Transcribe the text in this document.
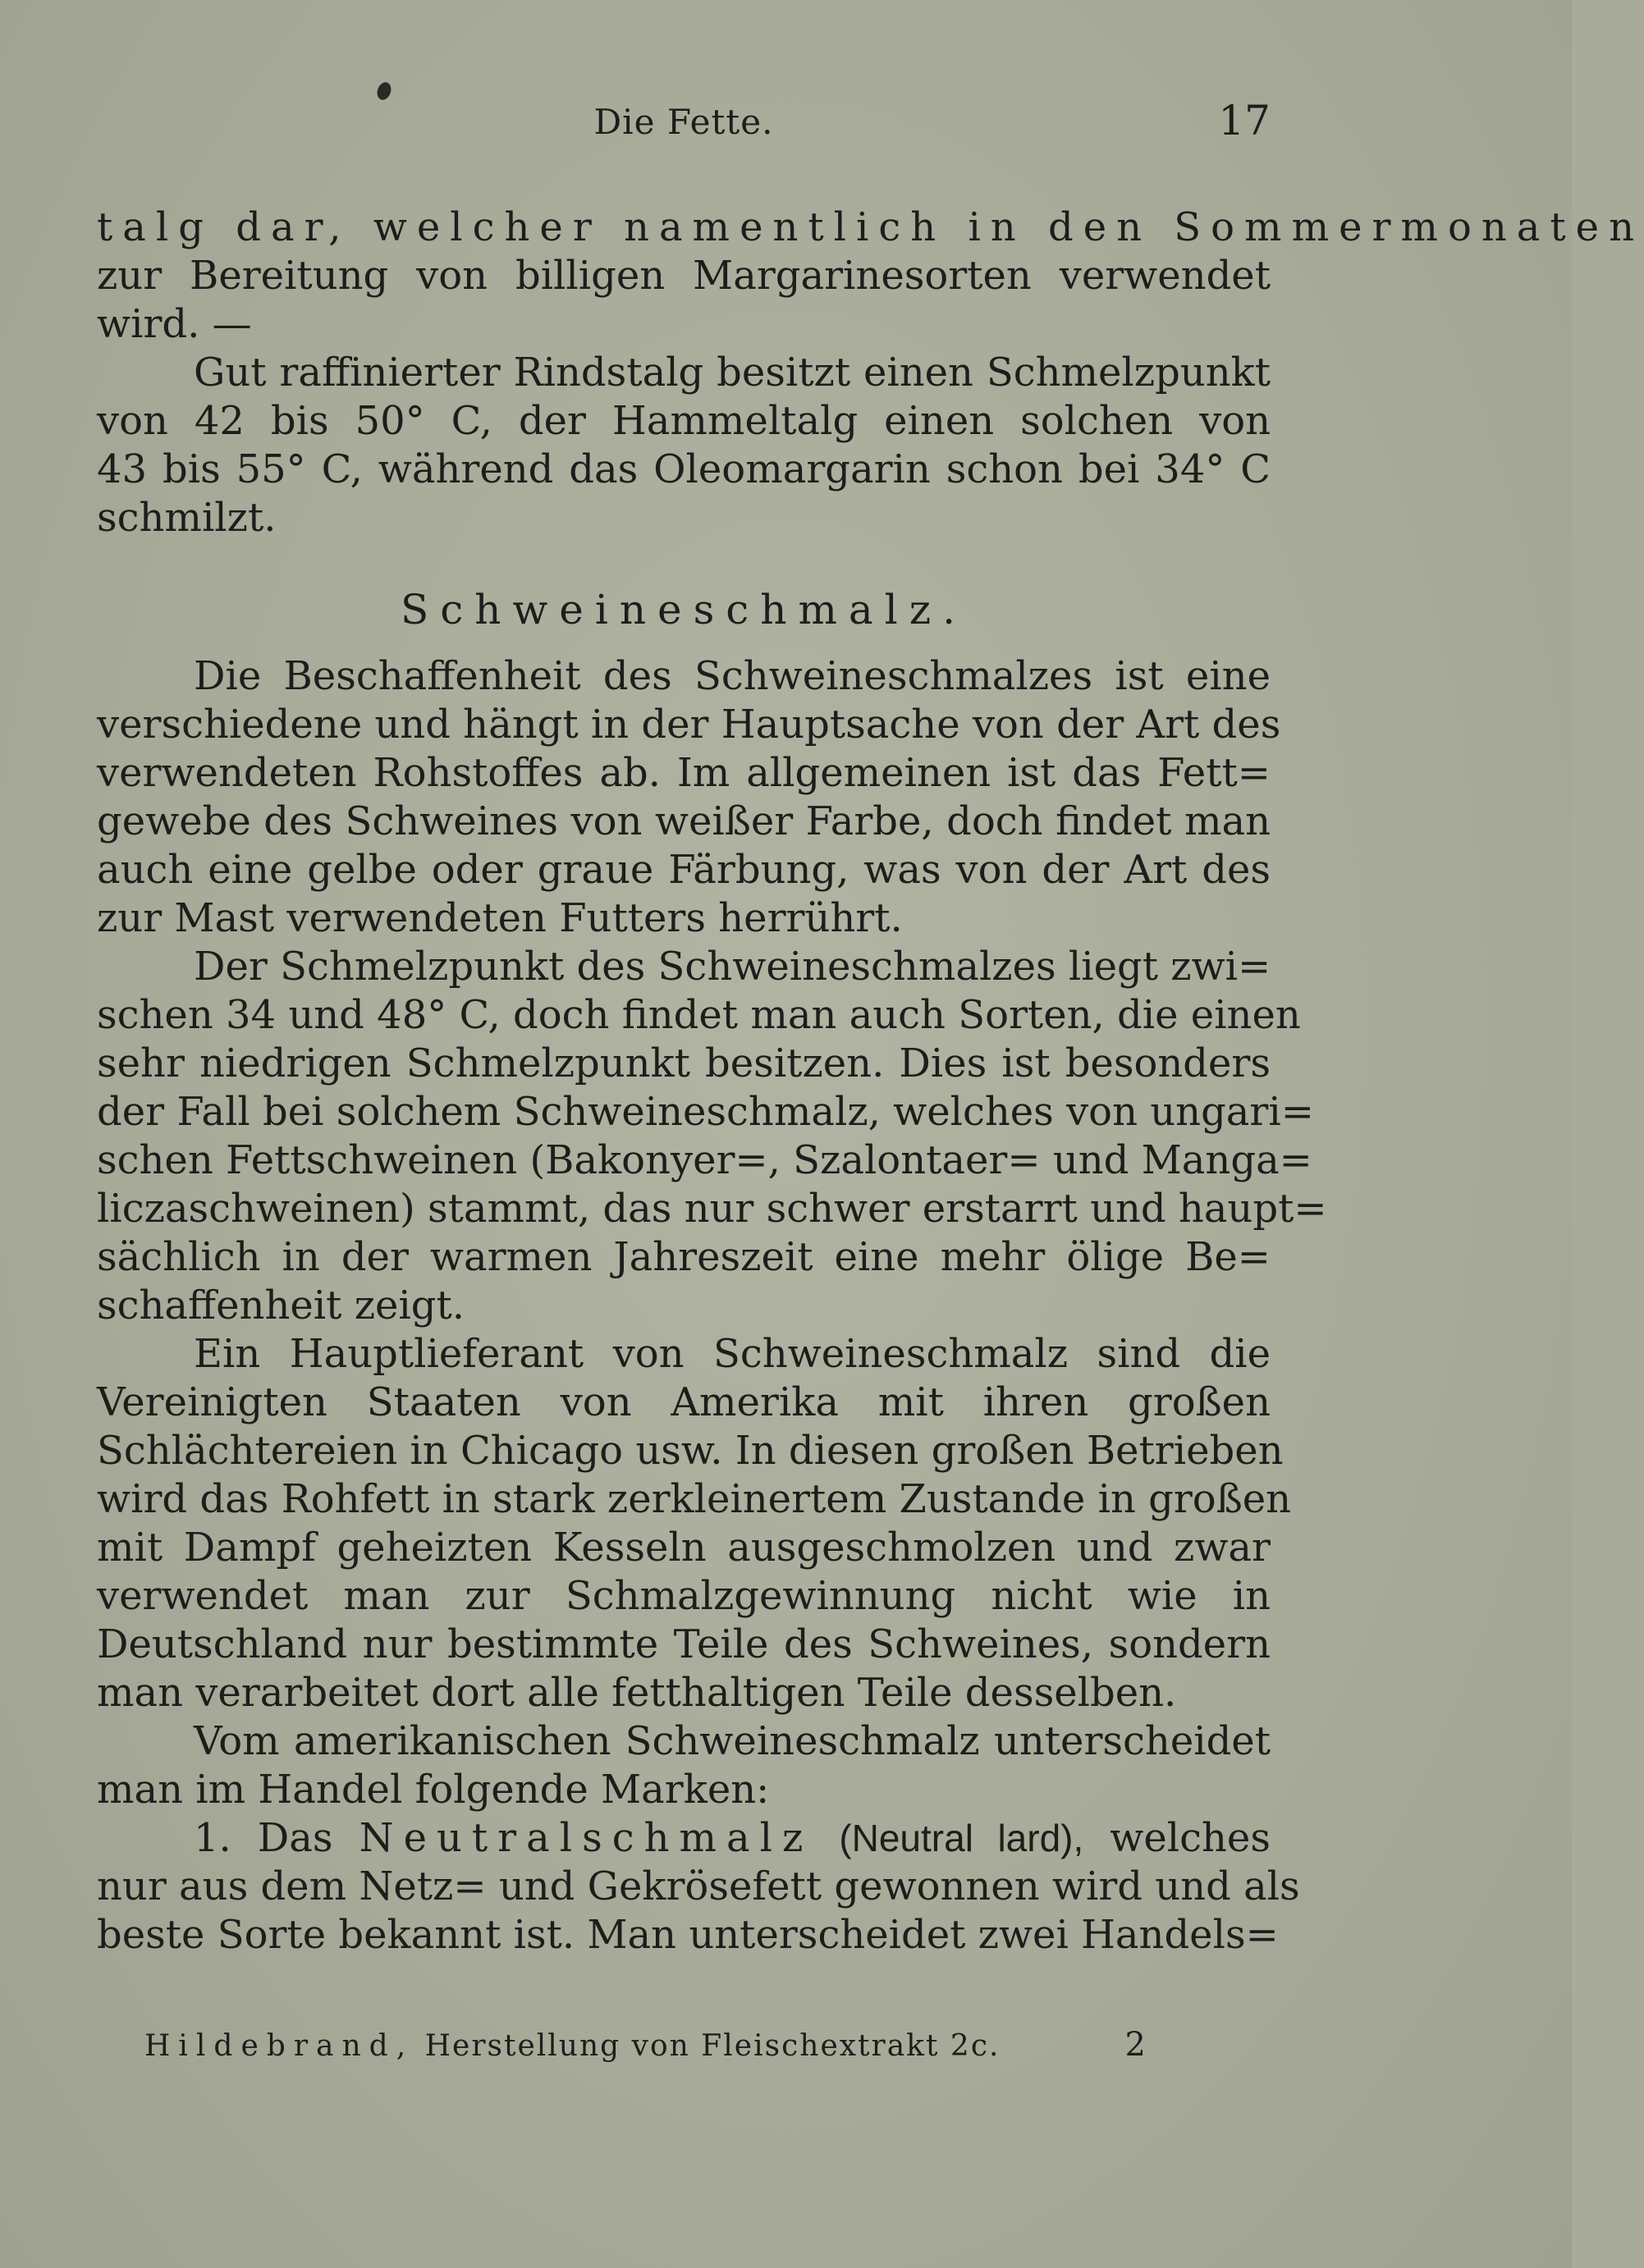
Die Fette.	17
talg dar, welcher namentlich in den Sommermonaten
zur Bereitung von billigen Margarinesorten verwendet
wird. —
Gut raffinierter Rindstalg besitzt einen Schmelzpunkt
von 42 bis 50° C, der Hammeltalg einen solchen von
43 bis 55° C, während das Oleomargarin schon bei 34° C
schmilzt.
Schweineschmalz.
Die Beschaffenheit des Schweineschmalzes ist eine
verschiedene und hängt in der Hauptsache von der Art des
verwendeten Rohstoffes ab. Im allgemeinen ist das Fett=
gewebe des Schweines von weißer Farbe, doch findet man
auch eine gelbe oder graue Färbung, was von der Art des
zur Mast verwendeten Futters herrührt.
Der Schmelzpunkt des Schweineschmalzes liegt zwi=
schen 34 und 48° C, doch findet man auch Sorten, die einen
sehr niedrigen Schmelzpunkt besitzen. Dies ist besonders
der Fall bei solchem Schweineschmalz, welches von ungari=
schen Fettschweinen (Bakonyer=, Szalontaer= und Manga=
liczaschweinen) stammt, das nur schwer erstarrt und haupt=
sächlich in der warmen Jahreszeit eine mehr ölige Be=
schaffenheit zeigt.
Ein Hauptlieferant von Schweineschmalz sind die
Vereinigten Staaten von Amerika mit ihren großen
Schlächtereien in Chicago usw. In diesen großen Betrieben
wird das Rohfett in stark zerkleinertem Zustande in großen
mit Dampf geheizten Kesseln ausgeschmolzen und zwar
verwendet man zur Schmalzgewinnung nicht wie in
Deutschland nur bestimmte Teile des Schweines, sondern
man verarbeitet dort alle fetthaltigen Teile desselben.
Vom amerikanischen Schweineschmalz unterscheidet
man im Handel folgende Marken:
1. Das Neutralschmalz (Neutral lard), welches
nur aus dem Netz= und Gekrösefett gewonnen wird und als
beste Sorte bekannt ist. Man unterscheidet zwei Handels=
Hildebrand, Herstellung von Fleischextrakt 2c.	2
